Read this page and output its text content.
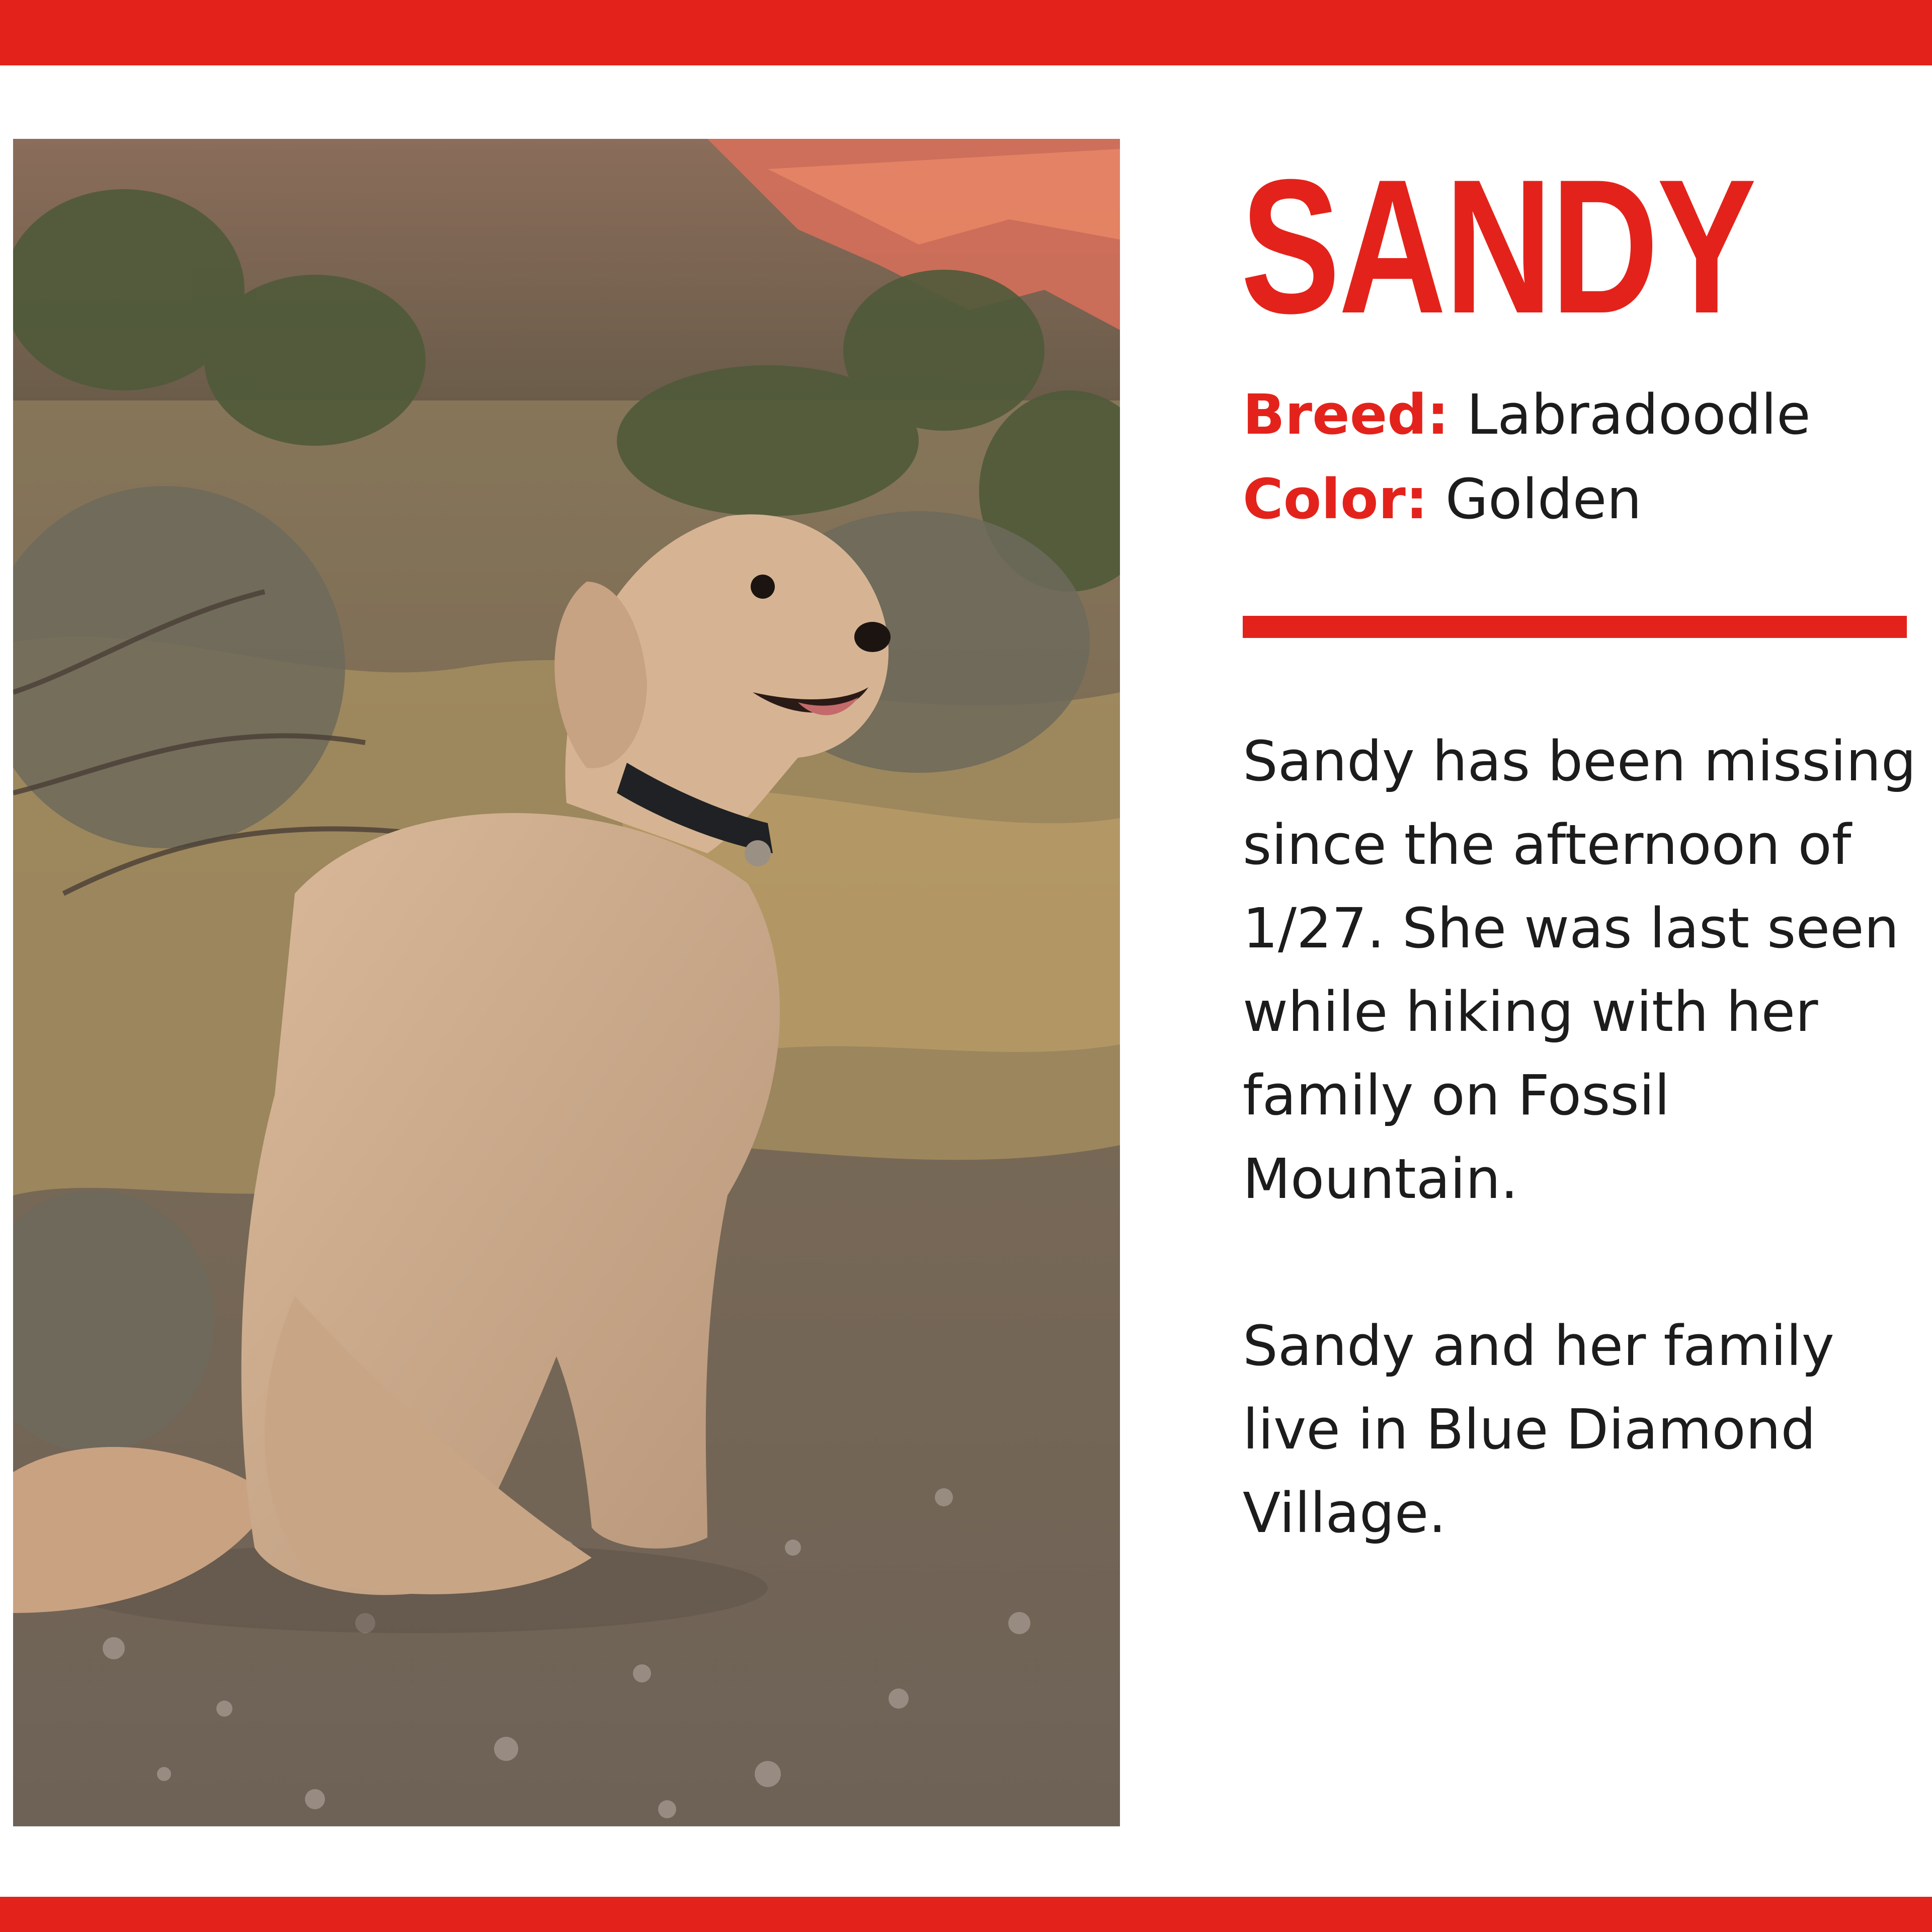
SANDY
Breed: Labradoodle
Color: Golden

Sandy has been missing since the afternoon of 1/27. She was last seen while hiking with her family on Fossil Mountain.

Sandy and her family live in Blue Diamond Village.
